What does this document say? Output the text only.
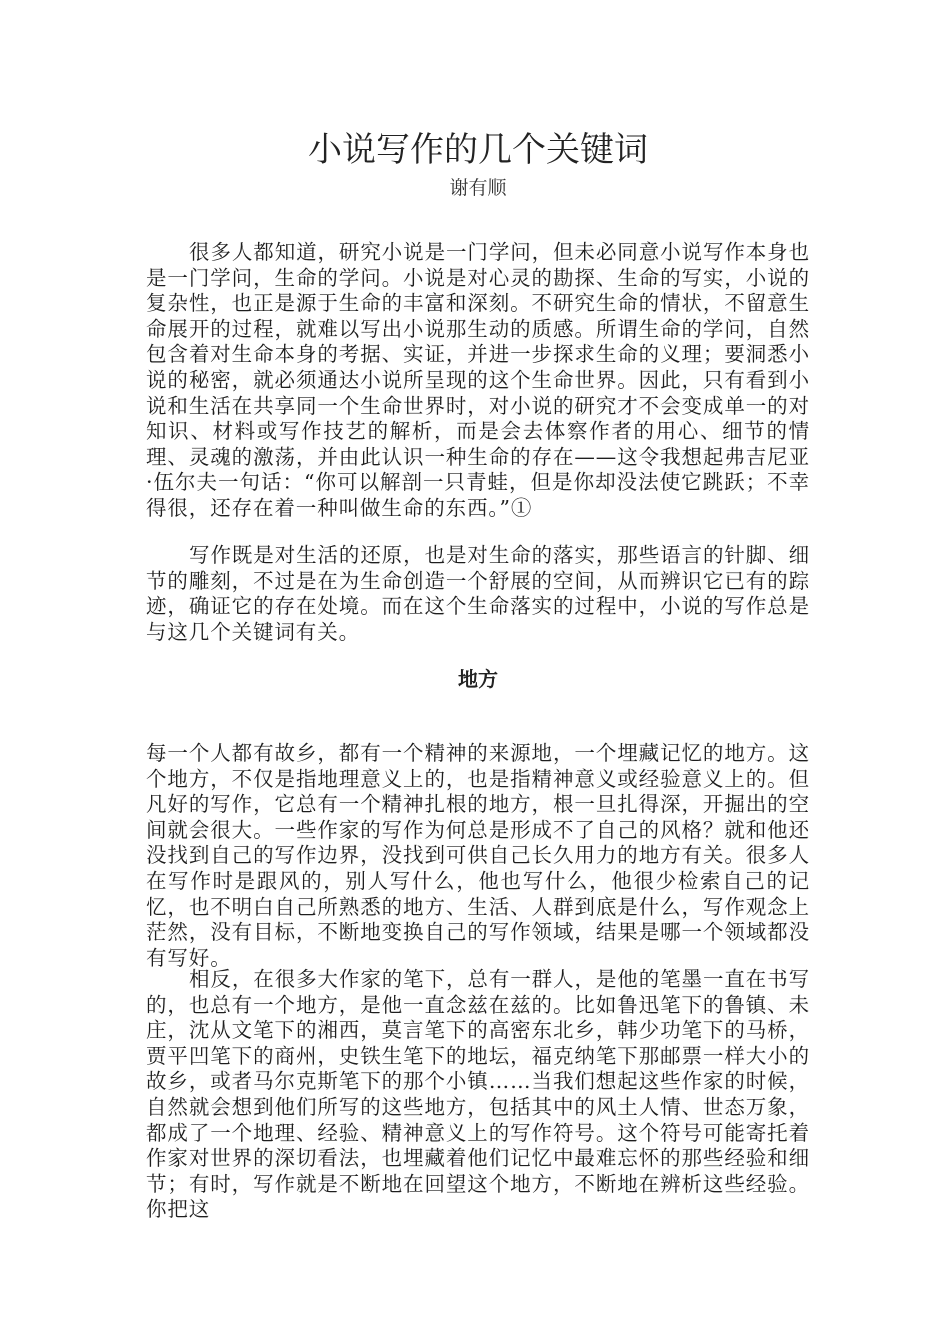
小说写作的几个关键词
谢有顺

很多人都知道，研究小说是一门学问，但未必同意小说写作本身也是一门学问，生命的学问。小说是对心灵的勘探、生命的写实，小说的复杂性，也正是源于生命的丰富和深刻。不研究生命的情状，不留意生命展开的过程，就难以写出小说那生动的质感。所谓生命的学问，自然包含着对生命本身的考据、实证，并进一步探求生命的义理；要洞悉小说的秘密，就必须通达小说所呈现的这个生命世界。因此，只有看到小说和生活在共享同一个生命世界时，对小说的研究才不会变成单一的对知识、材料或写作技艺的解析，而是会去体察作者的用心、细节的情理、灵魂的激荡，并由此认识一种生命的存在——这令我想起弗吉尼亚·伍尔夫一句话：“你可以解剖一只青蛙，但是你却没法使它跳跃；不幸得很，还存在着一种叫做生命的东西。”①

写作既是对生活的还原，也是对生命的落实，那些语言的针脚、细节的雕刻，不过是在为生命创造一个舒展的空间，从而辨识它已有的踪迹，确证它的存在处境。而在这个生命落实的过程中，小说的写作总是与这几个关键词有关。

地方

每一个人都有故乡，都有一个精神的来源地，一个埋藏记忆的地方。这个地方，不仅是指地理意义上的，也是指精神意义或经验意义上的。但凡好的写作，它总有一个精神扎根的地方，根一旦扎得深，开掘出的空间就会很大。一些作家的写作为何总是形成不了自己的风格？就和他还没找到自己的写作边界，没找到可供自己长久用力的地方有关。很多人在写作时是跟风的，别人写什么，他也写什么，他很少检索自己的记忆，也不明白自己所熟悉的地方、生活、人群到底是什么，写作观念上茫然，没有目标，不断地变换自己的写作领域，结果是哪一个领域都没有写好。

相反，在很多大作家的笔下，总有一群人，是他的笔墨一直在书写的，也总有一个地方，是他一直念兹在兹的。比如鲁迅笔下的鲁镇、未庄，沈从文笔下的湘西，莫言笔下的高密东北乡，韩少功笔下的马桥，贾平凹笔下的商州，史铁生笔下的地坛，福克纳笔下那邮票一样大小的故乡，或者马尔克斯笔下的那个小镇……当我们想起这些作家的时候，自然就会想到他们所写的这些地方，包括其中的风土人情、世态万象，都成了一个地理、经验、精神意义上的写作符号。这个符号可能寄托着作家对世界的深切看法，也埋藏着他们记忆中最难忘怀的那些经验和细节；有时，写作就是不断地在回望这个地方，不断地在辨析这些经验。你把这
